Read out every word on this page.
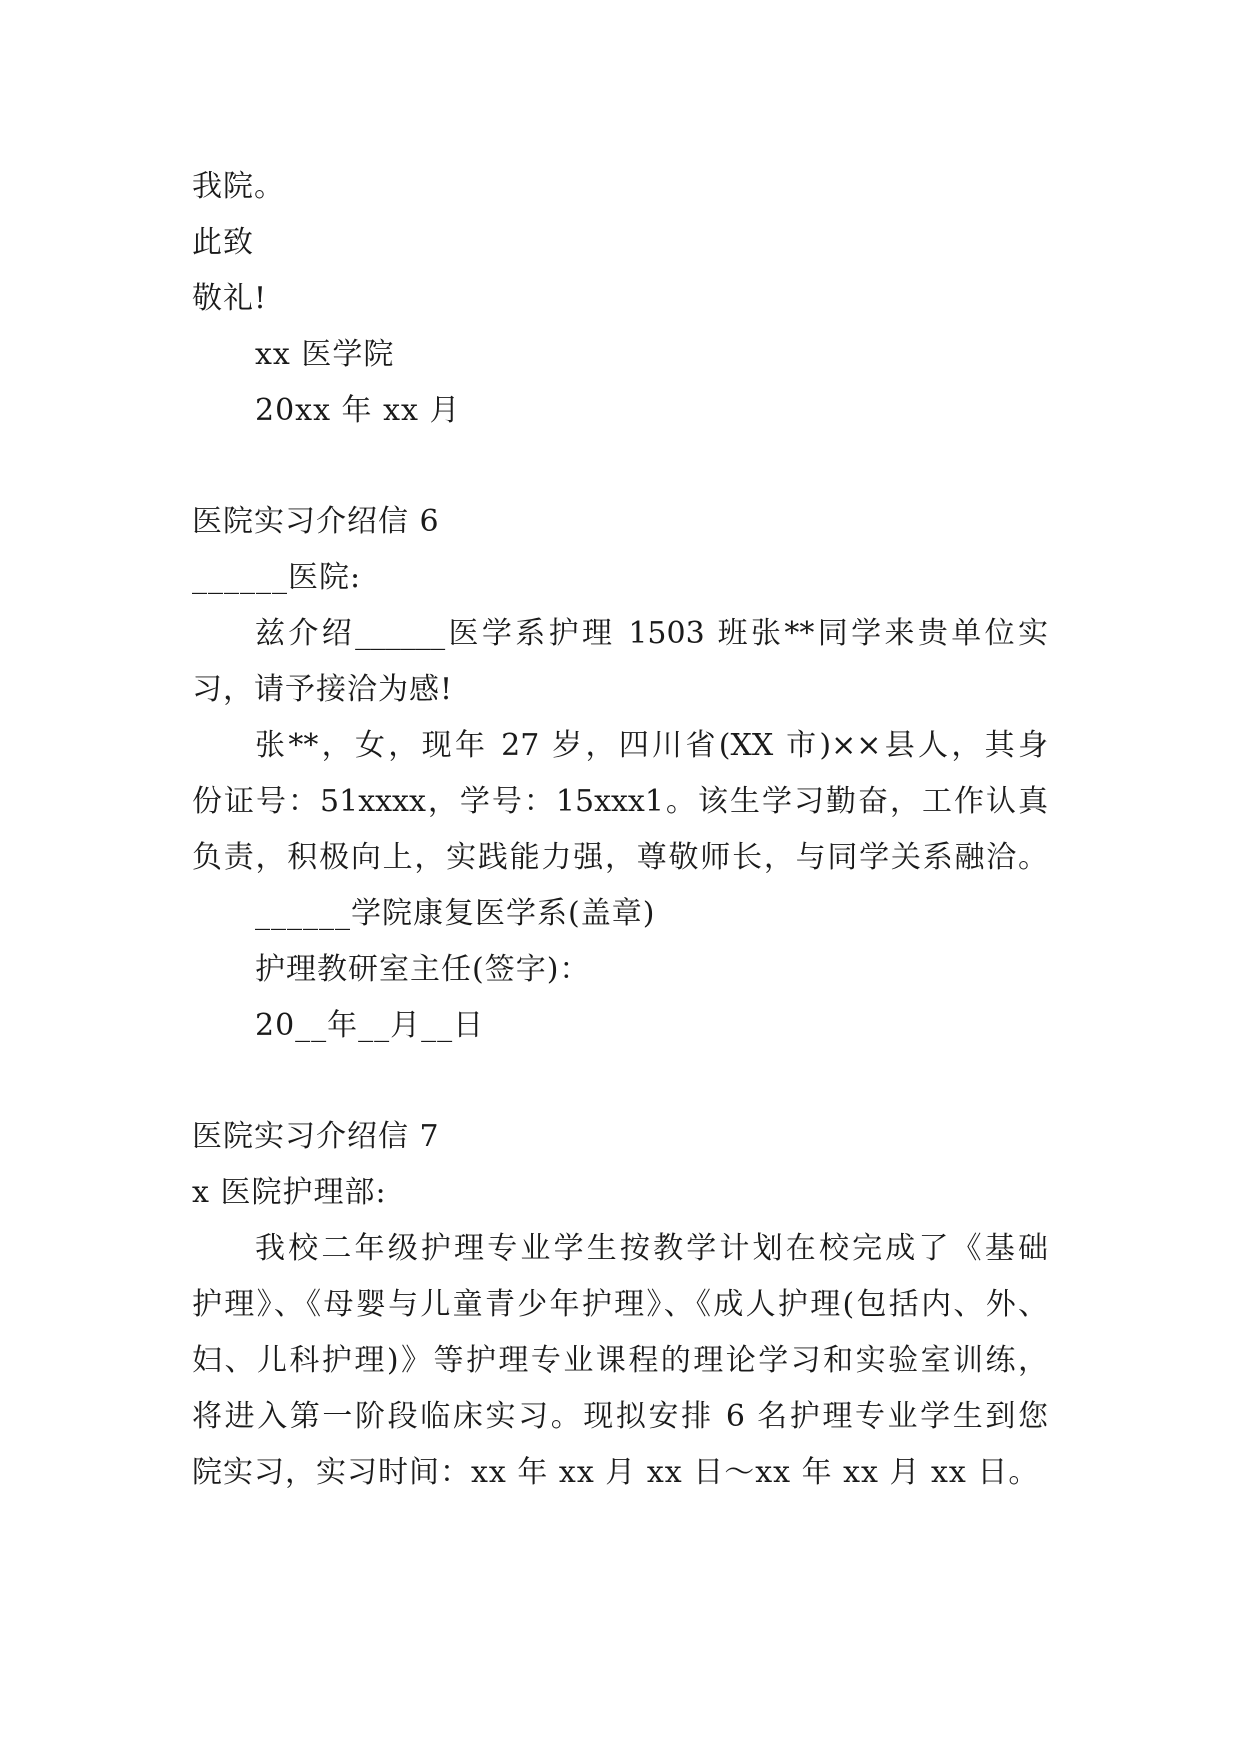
我院。
此致
敬礼!
xx 医学院
20xx 年 xx 月
医院实习介绍信 6
______医院:
兹介绍______医学系护理 1503 班张**同学来贵单位实
习，请予接洽为感!
张**，女，现年 27 岁，四川省(XX 市)××县人，其身
份证号：51xxxx，学号：15xxx1。该生学习勤奋，工作认真
负责，积极向上，实践能力强，尊敬师长，与同学关系融洽。
______学院康复医学系(盖章)
护理教研室主任(签字)：
20__年__月__日
医院实习介绍信 7
x 医院护理部:
我校二年级护理专业学生按教学计划在校完成了《基础
护理》、《母婴与儿童青少年护理》、《成人护理(包括内、外、
妇、儿科护理)》等护理专业课程的理论学习和实验室训练，
将进入第一阶段临床实习。现拟安排 6 名护理专业学生到您
院实习，实习时间：xx 年 xx 月 xx 日～xx 年 xx 月 xx 日。
